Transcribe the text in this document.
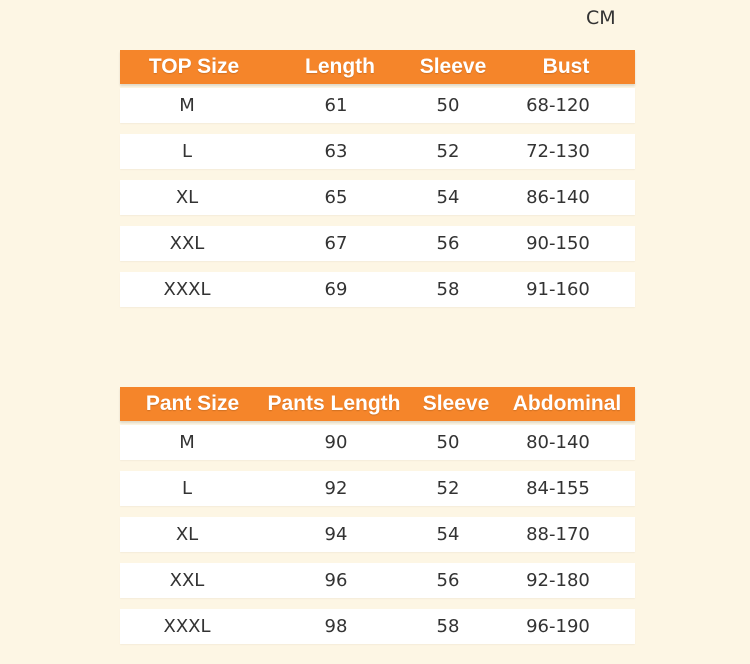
CM
TOP Size	Length	Sleeve	Bust
M	61	50	68-120
L	63	52	72-130
XL	65	54	86-140
XXL	67	56	90-150
XXXL	69	58	91-160
Pant Size	Pants Length	Sleeve	Abdominal
M	90	50	80-140
L	92	52	84-155
XL	94	54	88-170
XXL	96	56	92-180
XXXL	98	58	96-190
